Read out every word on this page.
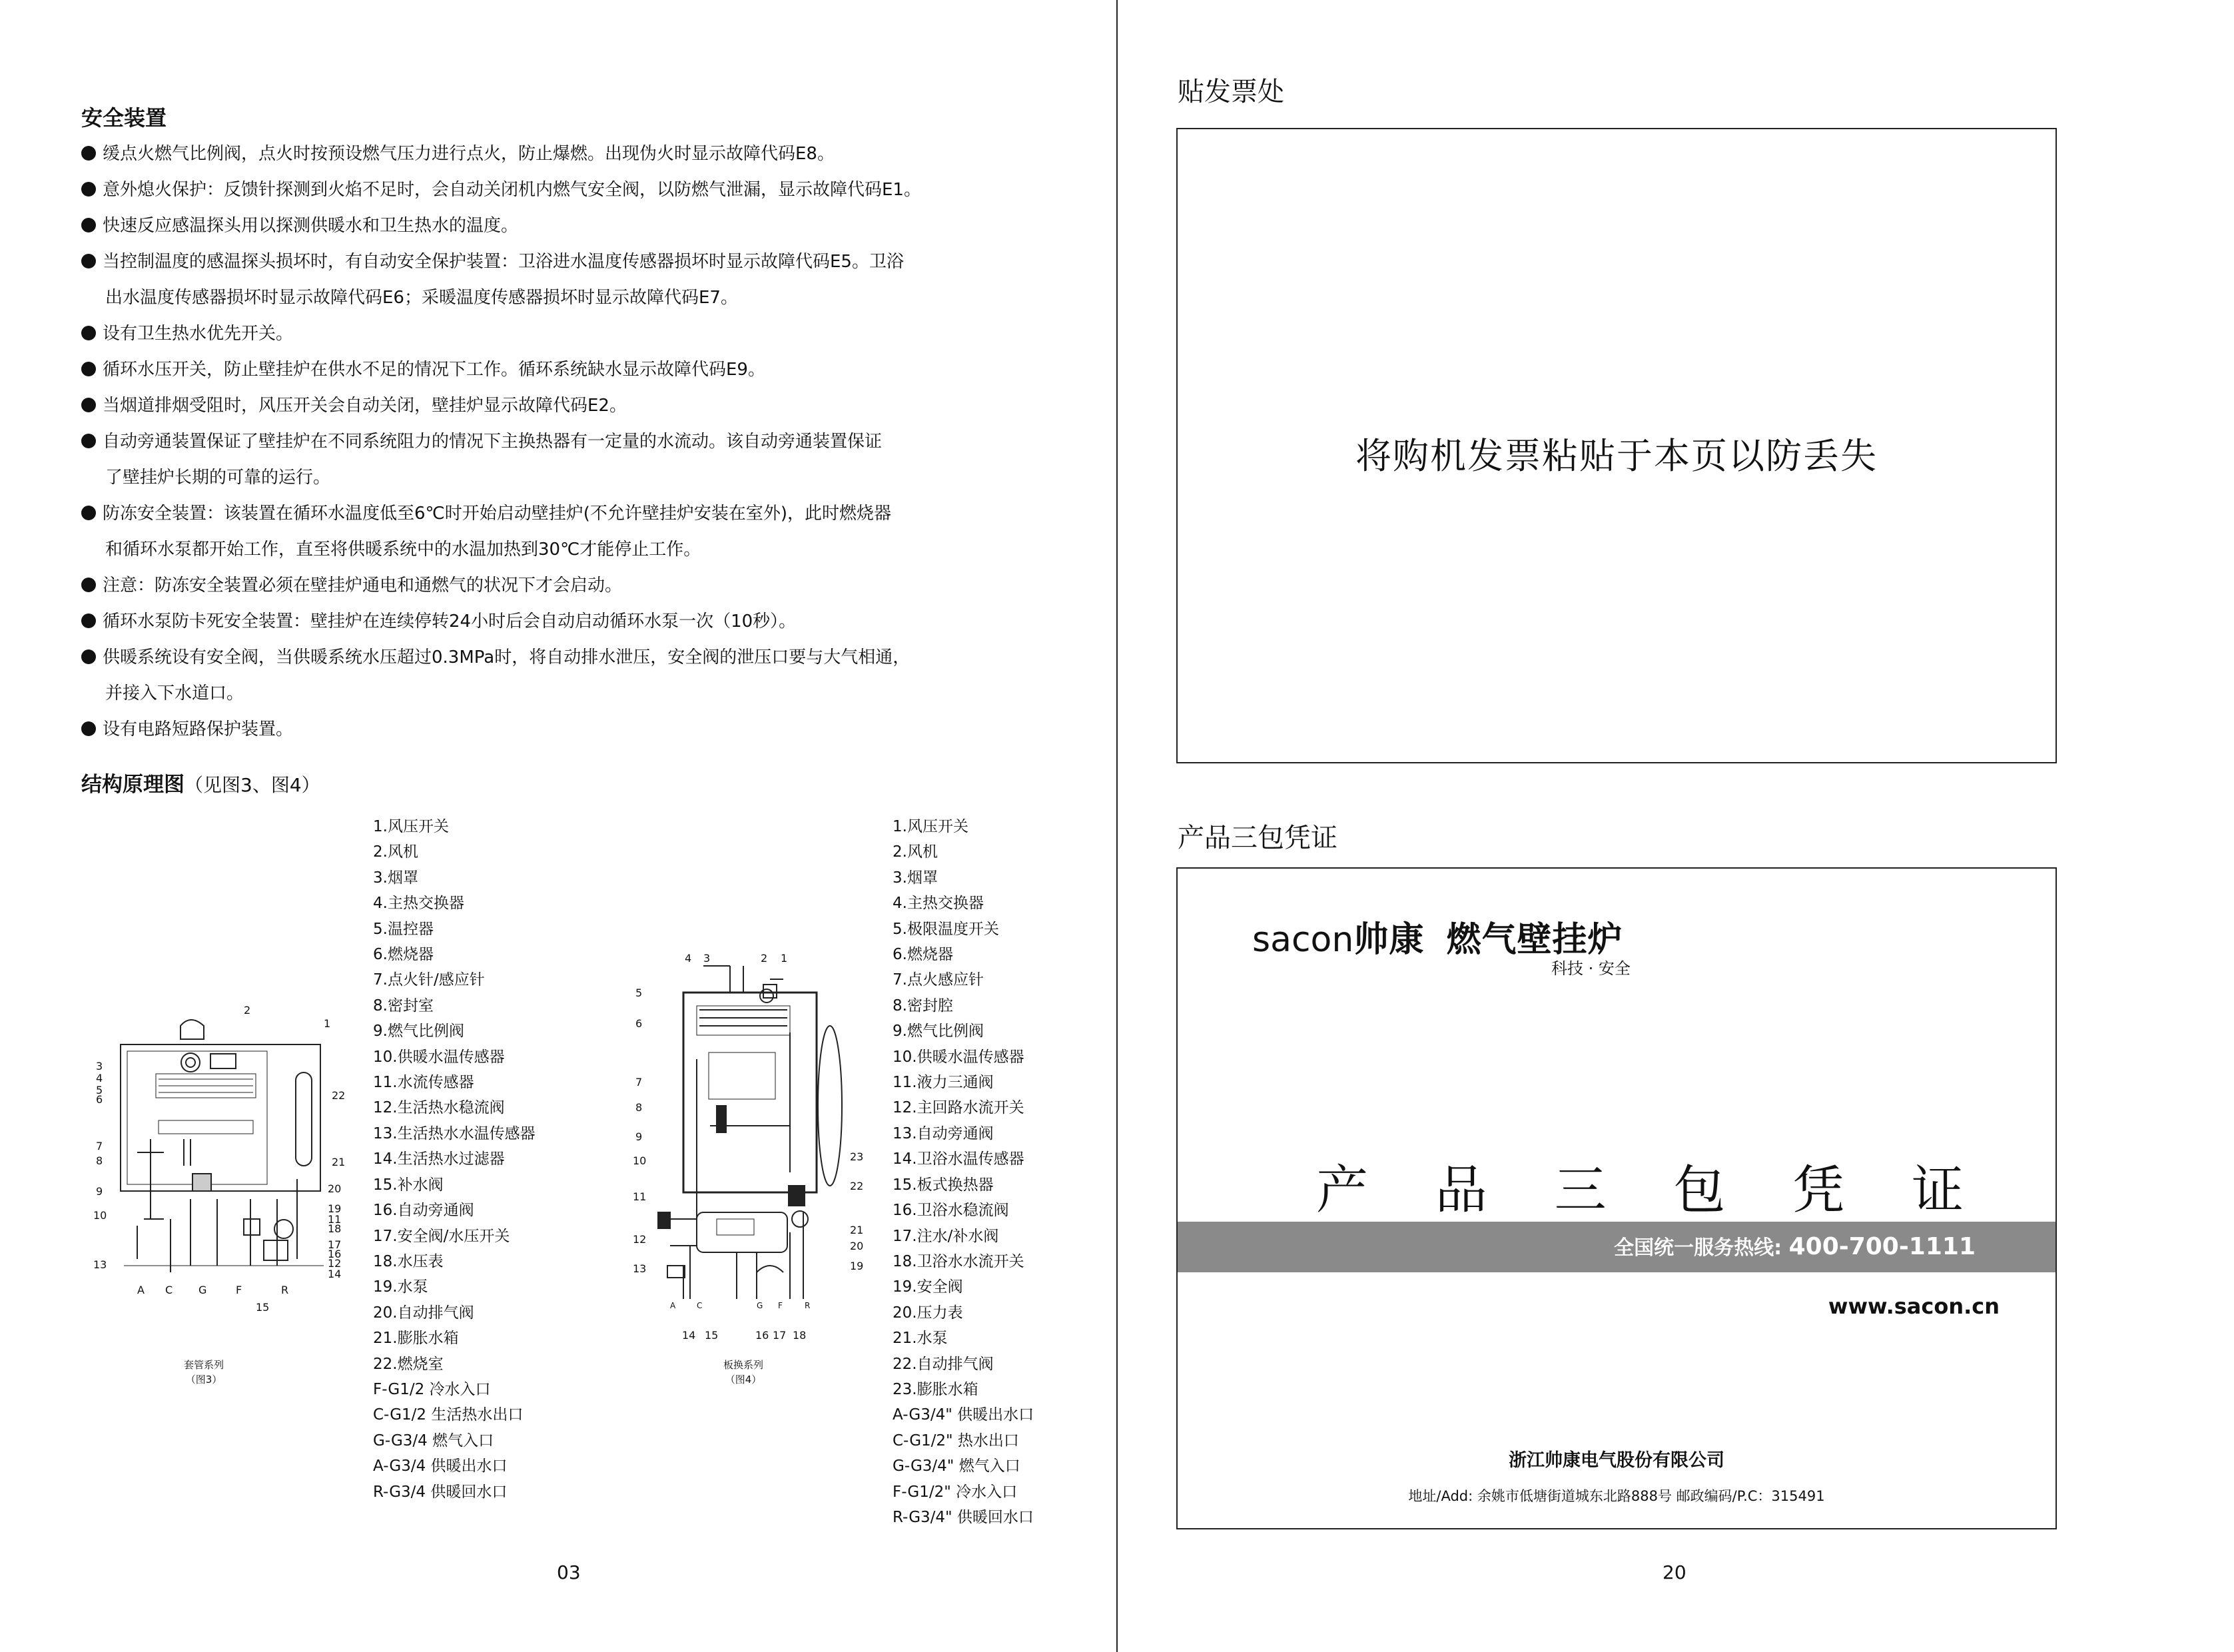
安全装置
缓点火燃气比例阀，点火时按预设燃气压力进行点火，防止爆燃。出现伪火时显示故障代码E8。
意外熄火保护：反馈针探测到火焰不足时，会自动关闭机内燃气安全阀，以防燃气泄漏，显示故障代码E1。
快速反应感温探头用以探测供暖水和卫生热水的温度。
当控制温度的感温探头损坏时，有自动安全保护装置：卫浴进水温度传感器损坏时显示故障代码E5。卫浴
出水温度传感器损坏时显示故障代码E6；采暖温度传感器损坏时显示故障代码E7。
设有卫生热水优先开关。
循环水压开关，防止壁挂炉在供水不足的情况下工作。循环系统缺水显示故障代码E9。
当烟道排烟受阻时，风压开关会自动关闭，壁挂炉显示故障代码E2。
自动旁通装置保证了壁挂炉在不同系统阻力的情况下主换热器有一定量的水流动。该自动旁通装置保证
了壁挂炉长期的可靠的运行。
防冻安全装置：该装置在循环水温度低至6℃时开始启动壁挂炉(不允许壁挂炉安装在室外)，此时燃烧器
和循环水泵都开始工作，直至将供暖系统中的水温加热到30℃才能停止工作。
注意：防冻安全装置必须在壁挂炉通电和通燃气的状况下才会启动。
循环水泵防卡死安全装置：壁挂炉在连续停转24小时后会自动启动循环水泵一次（10秒）。
供暖系统设有安全阀，当供暖系统水压超过0.3MPa时，将自动排水泄压，安全阀的泄压口要与大气相通，
并接入下水道口。
设有电路短路保护装置。
结构原理图（见图3、图4）
2
1
3
4
5
6
7
8
9
10
13
22
21
20
19
11
18
17
16
12
14
A C G	F	R
15
套管系列
（图3）
1.风压开关
2.风机
3.烟罩
4.主热交换器
5.温控器
6.燃烧器
7.点火针/感应针
8.密封室
9.燃气比例阀
10.供暖水温传感器
11.水流传感器
12.生活热水稳流阀
13.生活热水水温传感器
14.生活热水过滤器
15.补水阀
16.自动旁通阀
17.安全阀/水压开关
18.水压表
19.水泵
20.自动排气阀
21.膨胀水箱
22.燃烧室
F-G1/2 冷水入口
C-G1/2 生活热水出口
G-G3/4 燃气入口
A-G3/4 供暖出水口
R-G3/4 供暖回水口
4 3	2 1
5
6
7
8
9
10
11
12
13
23
22
21
20
19
A	C	G F	R
14 15	16 17 18
板换系列
（图4）
1.风压开关
2.风机
3.烟罩
4.主热交换器
5.极限温度开关
6.燃烧器
7.点火感应针
8.密封腔
9.燃气比例阀
10.供暖水温传感器
11.液力三通阀
12.主回路水流开关
13.自动旁通阀
14.卫浴水温传感器
15.板式换热器
16.卫浴水稳流阀
17.注水/补水阀
18.卫浴水水流开关
19.安全阀
20.压力表
21.水泵
22.自动排气阀
23.膨胀水箱
A-G3/4" 供暖出水口
C-G1/2" 热水出口
G-G3/4" 燃气入口
F-G1/2" 冷水入口
R-G3/4" 供暖回水口
03
贴发票处
将购机发票粘贴于本页以防丢失
产品三包凭证
sacon帅康 燃气壁挂炉
科技 · 安全
产 品 三 包 凭 证
全国统一服务热线: 400-700-1111
www.sacon.cn
浙江帅康电气股份有限公司
地址/Add: 余姚市低塘街道城东北路888号 邮政编码/P.C：315491
20
